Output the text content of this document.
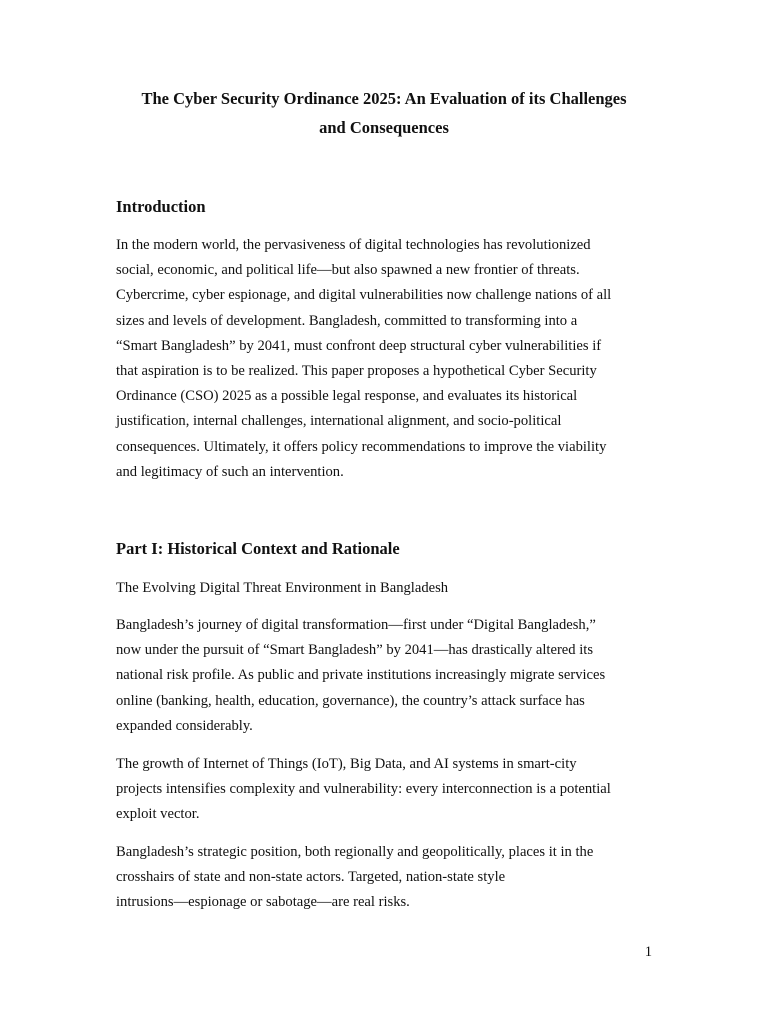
The Cyber Security Ordinance 2025: An Evaluation of its Challenges
and Consequences
Introduction

In the modern world, the pervasiveness of digital technologies has revolutionized
social, economic, and political life—but also spawned a new frontier of threats.
Cybercrime, cyber espionage, and digital vulnerabilities now challenge nations of all
sizes and levels of development. Bangladesh, committed to transforming into a
“Smart Bangladesh” by 2041, must confront deep structural cyber vulnerabilities if
that aspiration is to be realized. This paper proposes a hypothetical Cyber Security
Ordinance (CSO) 2025 as a possible legal response, and evaluates its historical
justification, internal challenges, international alignment, and socio-political
consequences. Ultimately, it offers policy recommendations to improve the viability
and legitimacy of such an intervention.

Part I: Historical Context and Rationale

The Evolving Digital Threat Environment in Bangladesh

Bangladesh’s journey of digital transformation—first under “Digital Bangladesh,”
now under the pursuit of “Smart Bangladesh” by 2041—has drastically altered its
national risk profile. As public and private institutions increasingly migrate services
online (banking, health, education, governance), the country’s attack surface has
expanded considerably.

The growth of Internet of Things (IoT), Big Data, and AI systems in smart-city
projects intensifies complexity and vulnerability: every interconnection is a potential
exploit vector.

Bangladesh’s strategic position, both regionally and geopolitically, places it in the
crosshairs of state and non-state actors. Targeted, nation-state style
intrusions—espionage or sabotage—are real risks.

1
